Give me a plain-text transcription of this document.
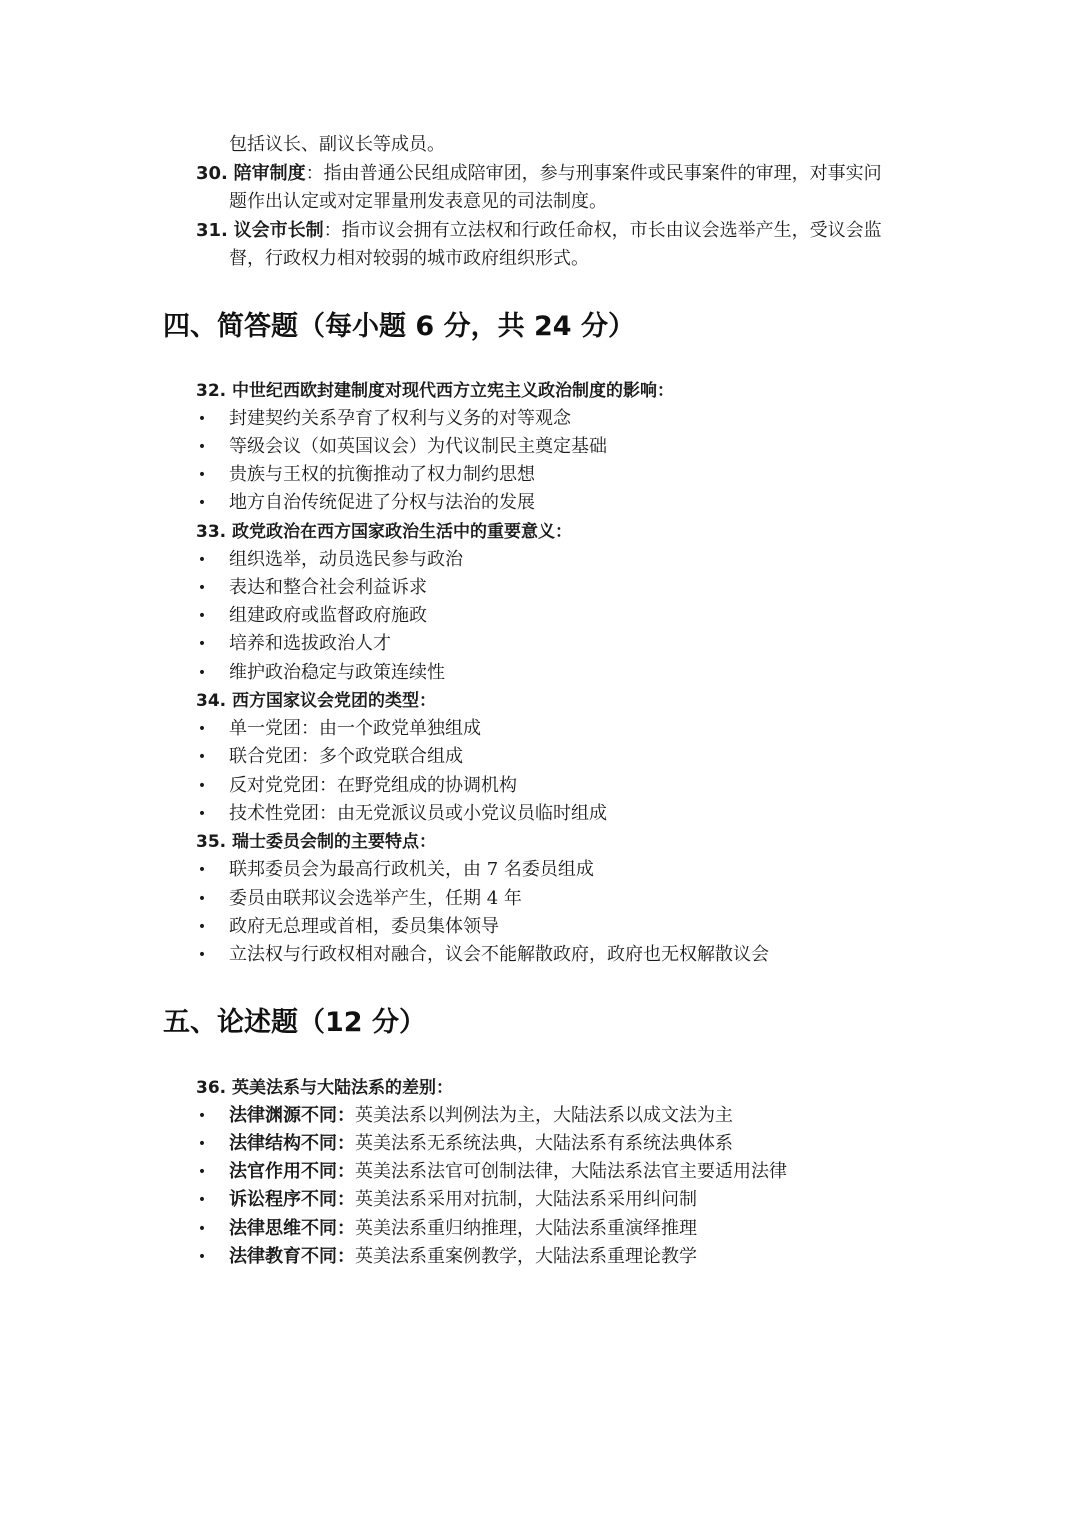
包括议长、副议长等成员。
30. 陪审制度：指由普通公民组成陪审团，参与刑事案件或民事案件的审理，对事实问
题作出认定或对定罪量刑发表意见的司法制度。
31. 议会市长制：指市议会拥有立法权和行政任命权，市长由议会选举产生，受议会监
督，行政权力相对较弱的城市政府组织形式。
四、简答题（每小题 6 分，共 24 分）
32. 中世纪西欧封建制度对现代西方立宪主义政治制度的影响：
• 封建契约关系孕育了权利与义务的对等观念
• 等级会议（如英国议会）为代议制民主奠定基础
• 贵族与王权的抗衡推动了权力制约思想
• 地方自治传统促进了分权与法治的发展
33. 政党政治在西方国家政治生活中的重要意义：
• 组织选举，动员选民参与政治
• 表达和整合社会利益诉求
• 组建政府或监督政府施政
• 培养和选拔政治人才
• 维护政治稳定与政策连续性
34. 西方国家议会党团的类型：
• 单一党团：由一个政党单独组成
• 联合党团：多个政党联合组成
• 反对党党团：在野党组成的协调机构
• 技术性党团：由无党派议员或小党议员临时组成
35. 瑞士委员会制的主要特点：
• 联邦委员会为最高行政机关，由 7 名委员组成
• 委员由联邦议会选举产生，任期 4 年
• 政府无总理或首相，委员集体领导
• 立法权与行政权相对融合，议会不能解散政府，政府也无权解散议会
五、论述题（12 分）
36. 英美法系与大陆法系的差别：
• 法律渊源不同：英美法系以判例法为主，大陆法系以成文法为主
• 法律结构不同：英美法系无系统法典，大陆法系有系统法典体系
• 法官作用不同：英美法系法官可创制法律，大陆法系法官主要适用法律
• 诉讼程序不同：英美法系采用对抗制，大陆法系采用纠问制
• 法律思维不同：英美法系重归纳推理，大陆法系重演绎推理
• 法律教育不同：英美法系重案例教学，大陆法系重理论教学
